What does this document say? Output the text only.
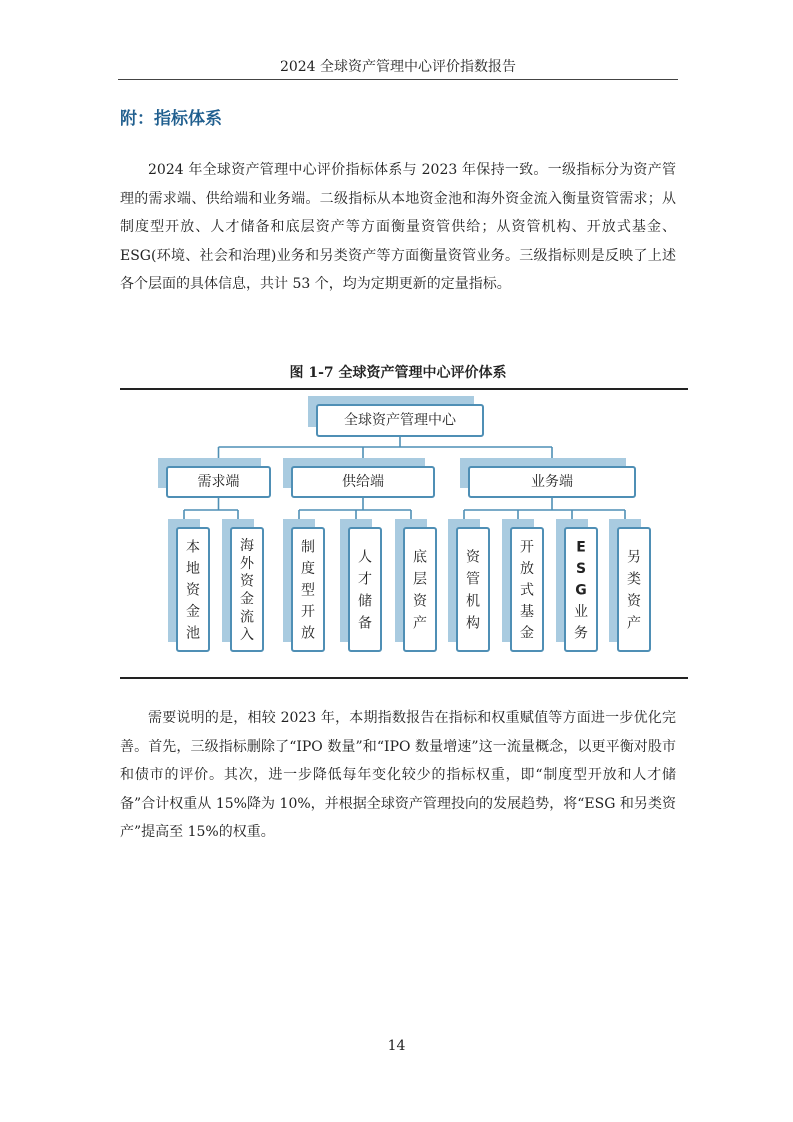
2024 全球资产管理中心评价指数报告
附：指标体系

2024 年全球资产管理中心评价指标体系与 2023 年保持一致。一级指标分为资产管理的需求端、供给端和业务端。二级指标从本地资金池和海外资金流入衡量资管需求；从制度型开放、人才储备和底层资产等方面衡量资管供给；从资管机构、开放式基金、ESG(环境、社会和治理)业务和另类资产等方面衡量资管业务。三级指标则是反映了上述各个层面的具体信息，共计 53 个，均为定期更新的定量指标。

图 1-7 全球资产管理中心评价体系
全球资产管理中心
需求端
本地资金池
海外资金流入
供给端
制度型开放
人才储备
底层资产
业务端
资管机构
开放式基金
E S G 业务
另类资产

需要说明的是，相较 2023 年，本期指数报告在指标和权重赋值等方面进一步优化完善。首先，三级指标删除了“IPO 数量”和“IPO 数量增速”这一流量概念，以更平衡对股市和债市的评价。其次，进一步降低每年变化较少的指标权重，即“制度型开放和人才储备”合计权重从 15%降为 10%，并根据全球资产管理投向的发展趋势，将“ESG 和另类资产”提高至 15%的权重。

14
